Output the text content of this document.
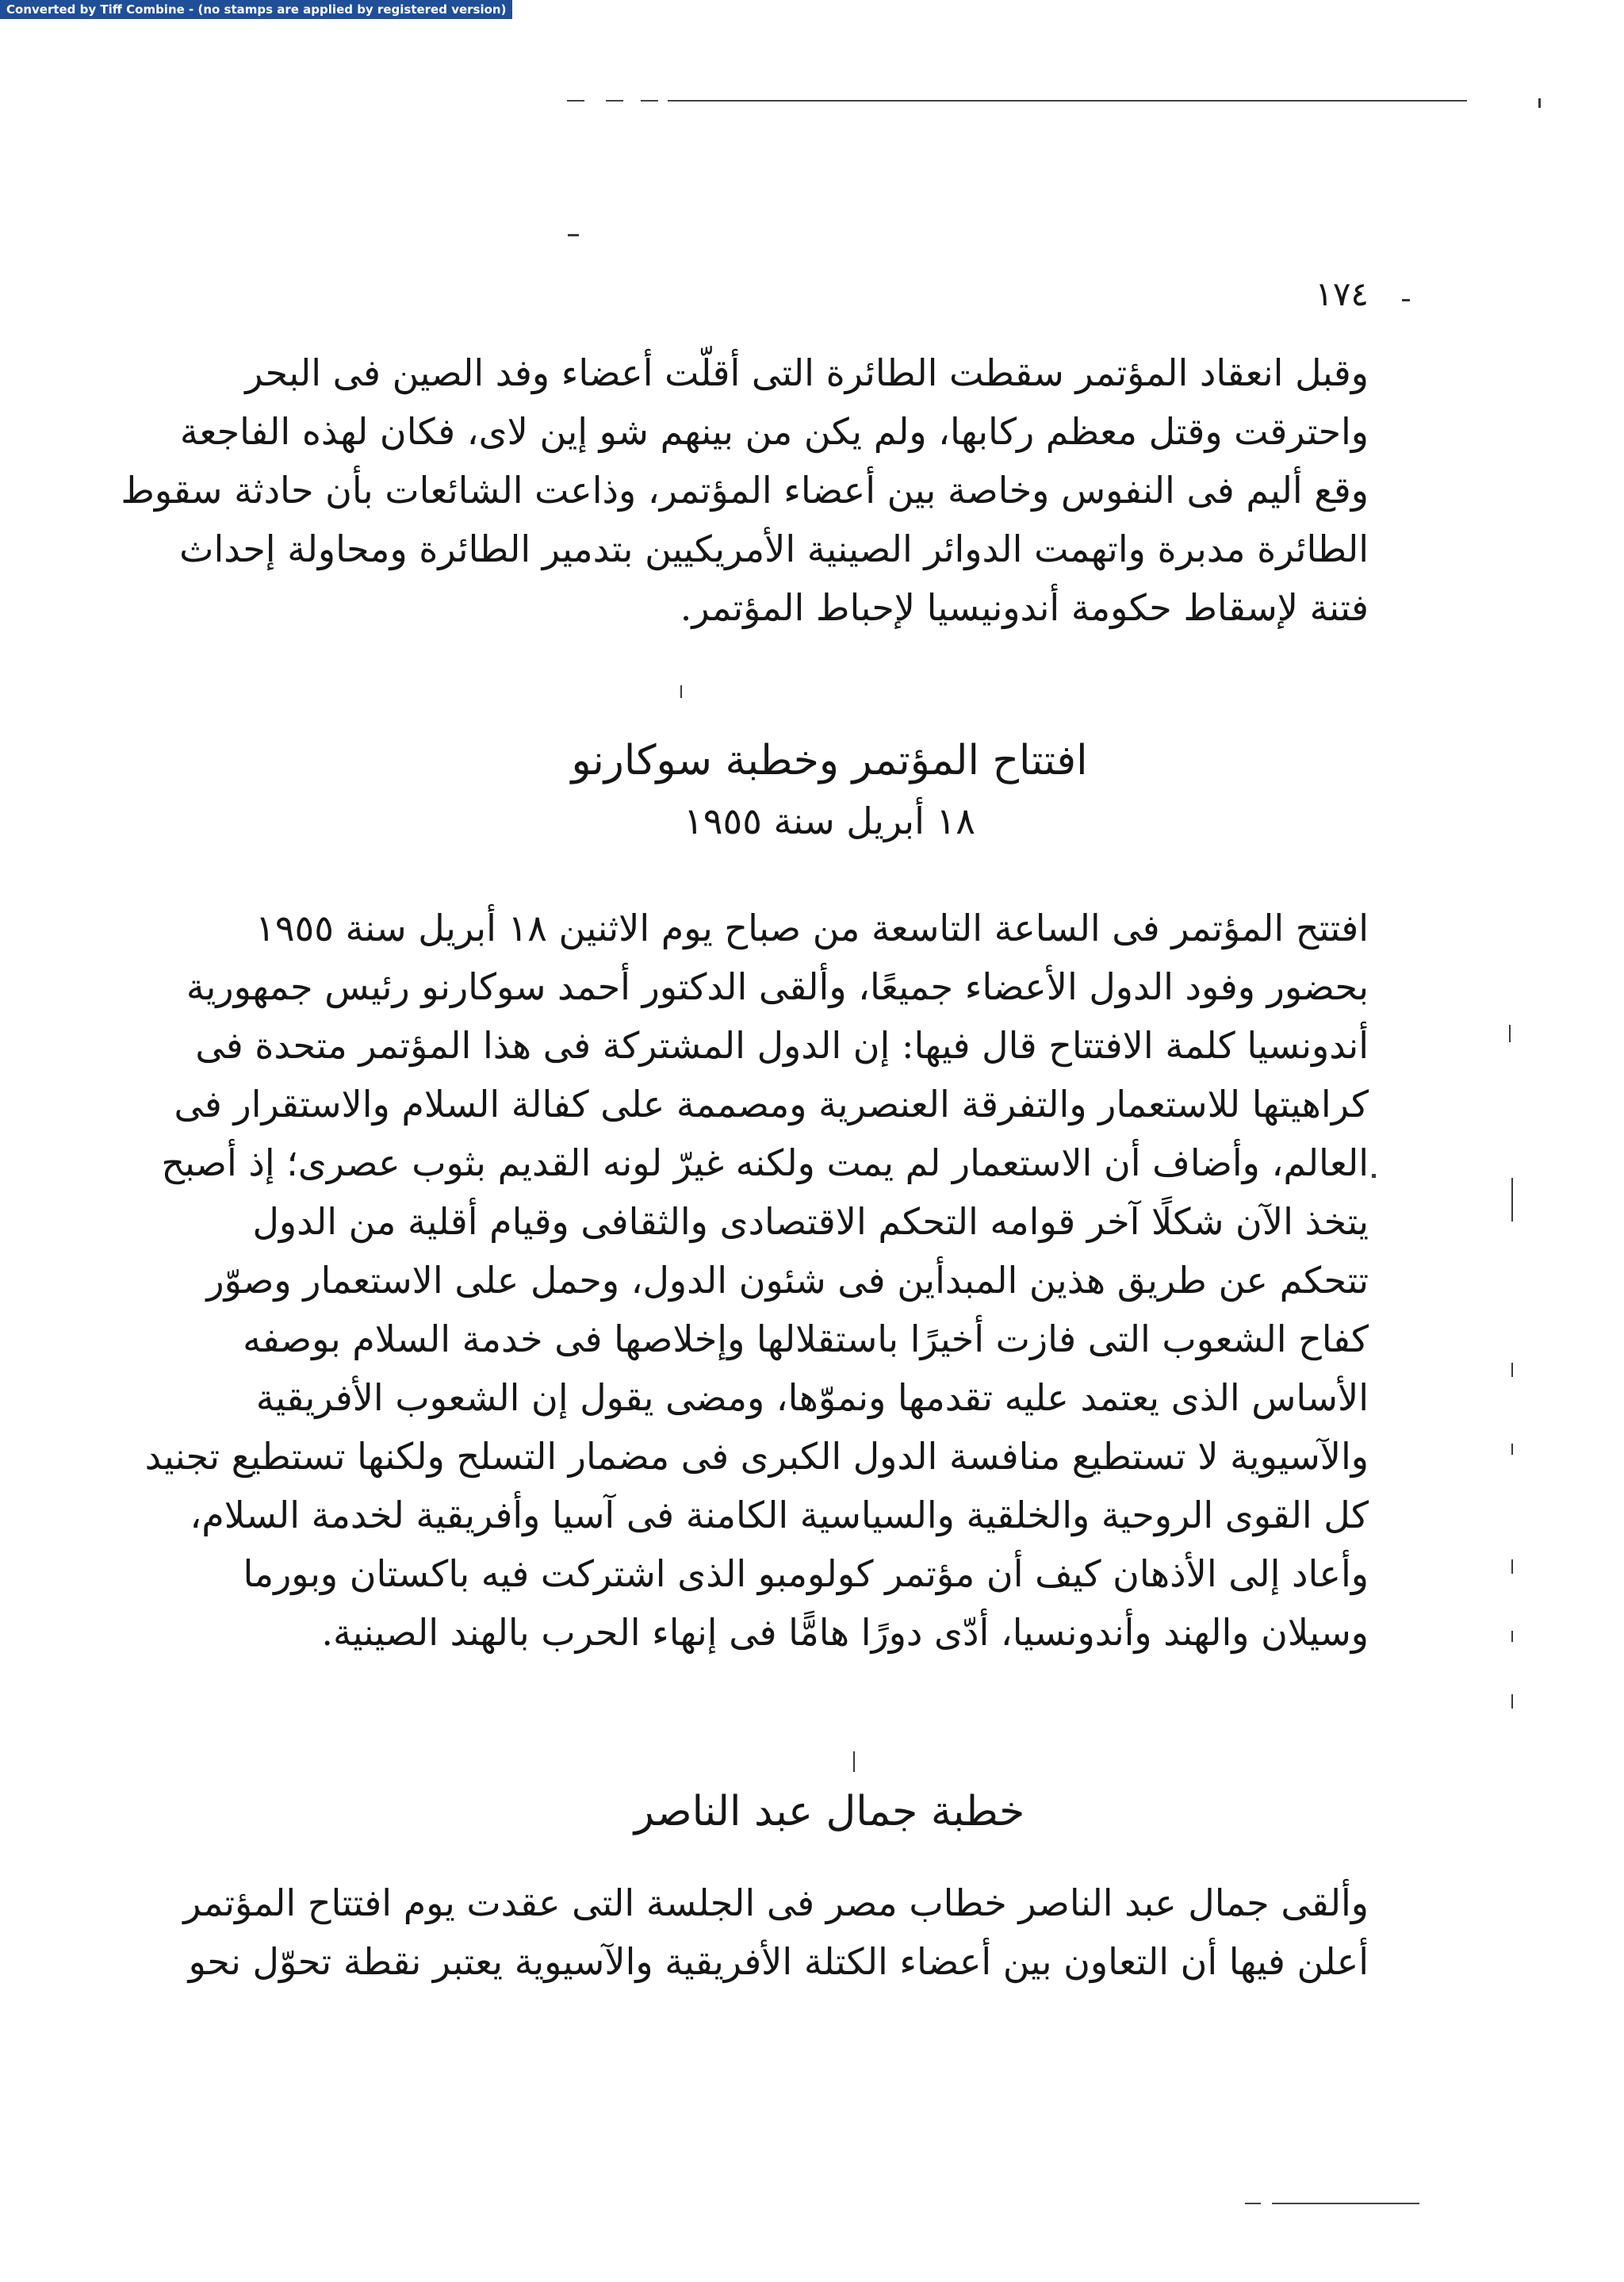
Converted by Tiff Combine - (no stamps are applied by registered version)
١٧٤
وقبل انعقاد المؤتمر سقطت الطائرة التى أقلّت أعضاء وفد الصين فى البحر
واحترقت وقتل معظم ركابها، ولم يكن من بينهم شو إين لاى، فكان لهذه الفاجعة
وقع أليم فى النفوس وخاصة بين أعضاء المؤتمر، وذاعت الشائعات بأن حادثة سقوط
الطائرة مدبرة واتهمت الدوائر الصينية الأمريكيين بتدمير الطائرة ومحاولة إحداث
فتنة لإسقاط حكومة أندونيسيا لإحباط المؤتمر.
افتتاح المؤتمر وخطبة سوكارنو
١٨ أبريل سنة ١٩٥٥
افتتح المؤتمر فى الساعة التاسعة من صباح يوم الاثنين ١٨ أبريل سنة ١٩٥٥
بحضور وفود الدول الأعضاء جميعًا، وألقى الدكتور أحمد سوكارنو رئيس جمهورية
أندونسيا كلمة الافتتاح قال فيها: إن الدول المشتركة فى هذا المؤتمر متحدة فى
كراهيتها للاستعمار والتفرقة العنصرية ومصممة على كفالة السلام والاستقرار فى
العالم، وأضاف أن الاستعمار لم يمت ولكنه غيرّ لونه القديم بثوب عصرى؛ إذ أصبح
يتخذ الآن شكلًا آخر قوامه التحكم الاقتصادى والثقافى وقيام أقلية من الدول
تتحكم عن طريق هذين المبدأين فى شئون الدول، وحمل على الاستعمار وصوّر
كفاح الشعوب التى فازت أخيرًا باستقلالها وإخلاصها فى خدمة السلام بوصفه
الأساس الذى يعتمد عليه تقدمها ونموّها، ومضى يقول إن الشعوب الأفريقية
والآسيوية لا تستطيع منافسة الدول الكبرى فى مضمار التسلح ولكنها تستطيع تجنيد
كل القوى الروحية والخلقية والسياسية الكامنة فى آسيا وأفريقية لخدمة السلام،
وأعاد إلى الأذهان كيف أن مؤتمر كولومبو الذى اشتركت فيه باكستان وبورما
وسيلان والهند وأندونسيا، أدّى دورًا هامًّا فى إنهاء الحرب بالهند الصينية.
خطبة جمال عبد الناصر
وألقى جمال عبد الناصر خطاب مصر فى الجلسة التى عقدت يوم افتتاح المؤتمر
أعلن فيها أن التعاون بين أعضاء الكتلة الأفريقية والآسيوية يعتبر نقطة تحوّل نحو
